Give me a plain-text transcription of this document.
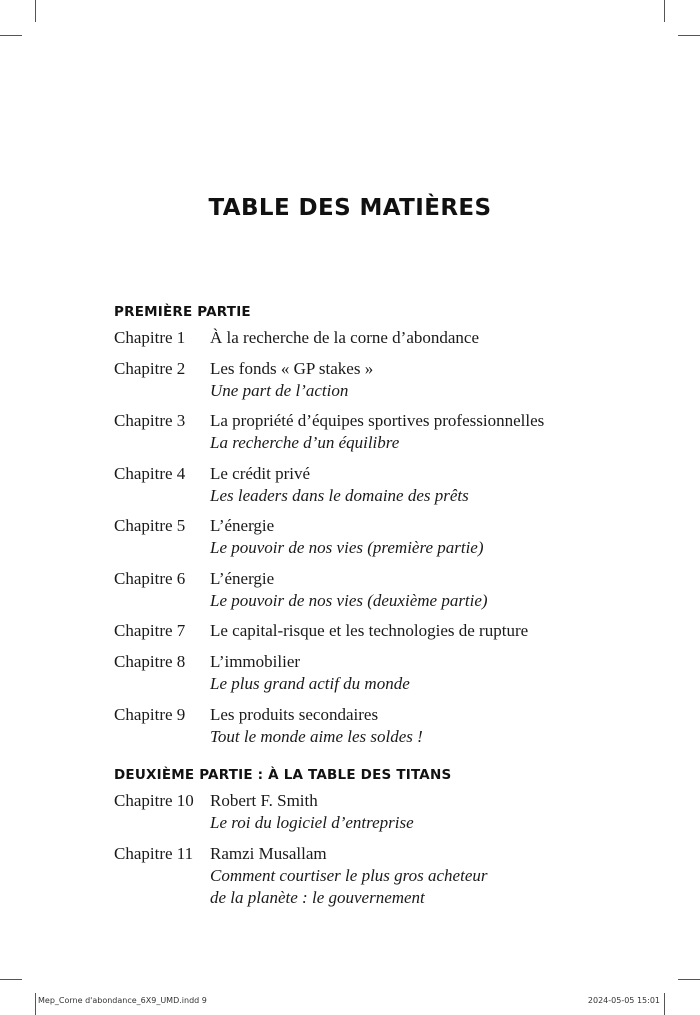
TABLE DES MATIÈRES
PREMIÈRE PARTIE
Chapitre 1 À la recherche de la corne d’abondance
Chapitre 2 Les fonds « GP stakes »
Une part de l’action
Chapitre 3 La propriété d’équipes sportives professionnelles
La recherche d’un équilibre
Chapitre 4 Le crédit privé
Les leaders dans le domaine des prêts
Chapitre 5 L’énergie
Le pouvoir de nos vies (première partie)
Chapitre 6 L’énergie
Le pouvoir de nos vies (deuxième partie)
Chapitre 7 Le capital-risque et les technologies de rupture
Chapitre 8 L’immobilier
Le plus grand actif du monde
Chapitre 9 Les produits secondaires
Tout le monde aime les soldes !
DEUXIÈME PARTIE : À LA TABLE DES TITANS
Chapitre 10 Robert F. Smith
Le roi du logiciel d’entreprise
Chapitre 11 Ramzi Musallam
Comment courtiser le plus gros acheteur
de la planète : le gouvernement
Mep_Corne d'abondance_6X9_UMD.indd 9	2024-05-05 15:01
